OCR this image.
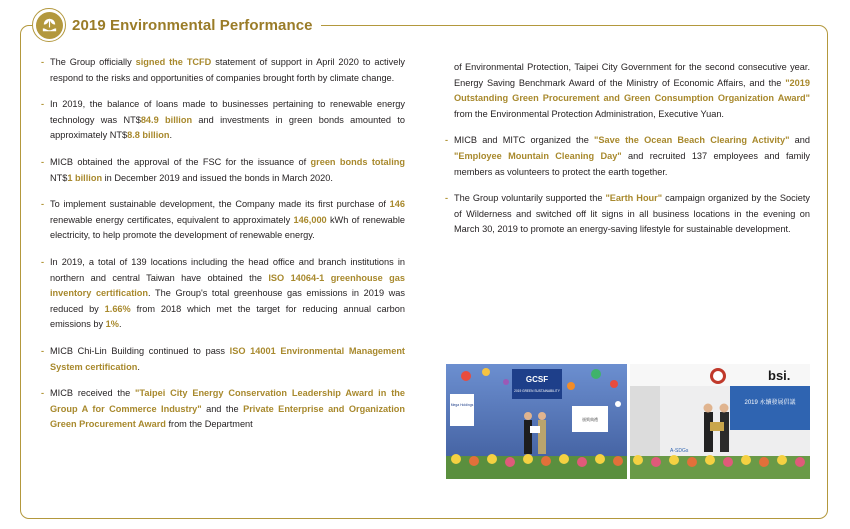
2019 Environmental Performance
- The Group officially signed the TCFD statement of support in April 2020 to actively respond to the risks and opportunities of companies brought forth by climate change.
- In 2019, the balance of loans made to businesses pertaining to renewable energy technology was NT$84.9 billion and investments in green bonds amounted to approximately NT$8.8 billion.
- MICB obtained the approval of the FSC for the issuance of green bonds totaling NT$1 billion in December 2019 and issued the bonds in March 2020.
- To implement sustainable development, the Company made its first purchase of 146 renewable energy certificates, equivalent to approximately 146,000 kWh of renewable electricity, to help promote the development of renewable energy.
- In 2019, a total of 139 locations including the head office and branch institutions in northern and central Taiwan have obtained the ISO 14064-1 greenhouse gas inventory certification. The Group's total greenhouse gas emissions in 2019 was reduced by 1.66% from 2018 which met the target for reducing annual carbon emissions by 1%.
- MICB Chi-Lin Building continued to pass ISO 14001 Environmental Management System certification.
- MICB received the "Taipei City Energy Conservation Leadership Award in the Group A for Commerce Industry" and the Private Enterprise and Organization Green Procurement Award from the Department
of Environmental Protection, Taipei City Government for the second consecutive year. Energy Saving Benchmark Award of the Ministry of Economic Affairs, and the "2019 Outstanding Green Procurement and Green Consumption Organization Award" from the Environmental Protection Administration, Executive Yuan.
- MICB and MITC organized the "Save the Ocean Beach Clearing Activity" and "Employee Mountain Cleaning Day" and recruited 137 employees and family members as volunteers to protect the earth together.
- The Group voluntarily supported the "Earth Hour" campaign organized by the Society of Wilderness and switched off lit signs in all business locations in the evening on March 30, 2019 to promote an energy-saving lifestyle for sustainable development.
GCSF
2019 GREEN SUSTAINABILITY
Mega Holdings
頒獎典禮
bsi.
2019 永續發展倡議
A-SDGs
